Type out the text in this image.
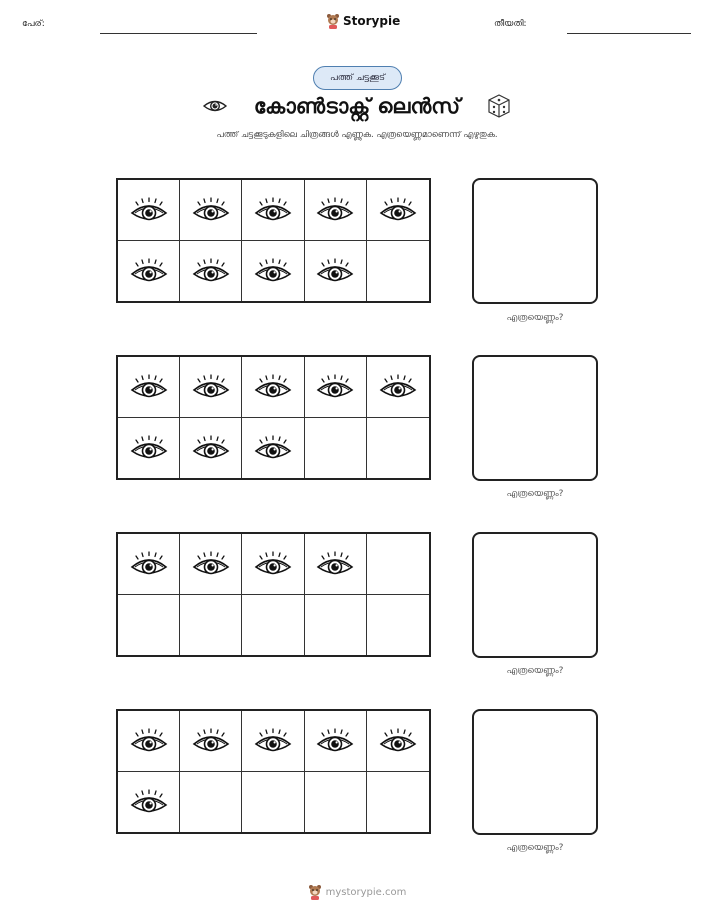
പേര്:	Storypie	തീയതി:
പത്ത് ചട്ടക്കൂട്
കോൺടാക്റ്റ് ലെൻസ്
പത്ത് ചട്ടക്കൂടുകളിലെ ചിത്രങ്ങൾ എണ്ണുക. എത്രയെണ്ണമാണെന്ന് എഴുതുക.
എത്രയെണ്ണം?
എത്രയെണ്ണം?
എത്രയെണ്ണം?
എത്രയെണ്ണം?
mystorypie.com
